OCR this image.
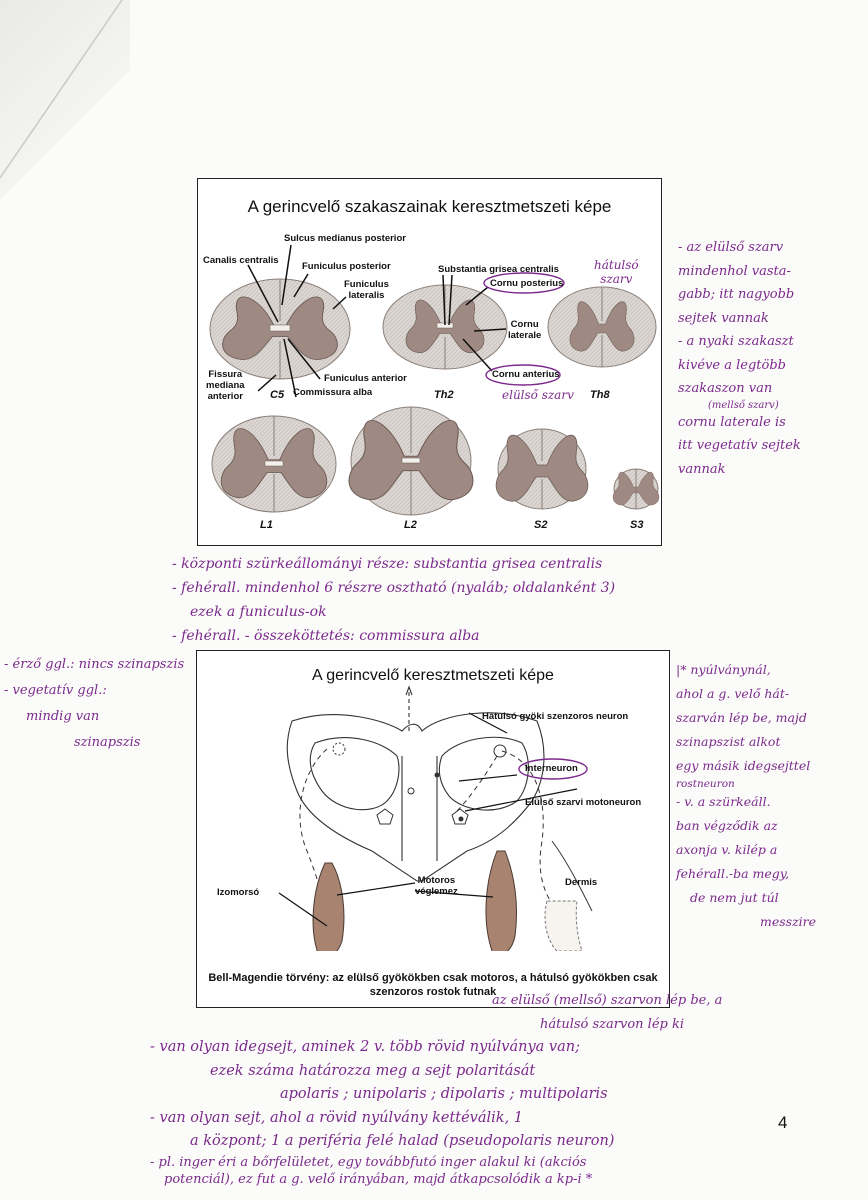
A gerincvelő szakaszainak keresztmetszeti képe
Sulcus medianus posterior
Canalis centralis
Funiculus posterior
Funiculus
lateralis
Fissura
mediana
anterior
Funiculus anterior
Commissura alba
Substantia grisea centralis
Cornu posterius
Cornu
laterale
Cornu anterius
C5	Th2	Th8
L1	L2	S2	S3
hátulsó
szarv
elülső szarv
- az elülső szarv
mindenhol vasta-
gabb; itt nagyobb
sejtek vannak
- a nyaki szakaszt
kivéve a legtöbb
szakaszon van
(mellső szarv)
cornu laterale is
itt vegetatív sejtek
vannak
- központi szürkeállományi része: substantia grisea centralis
- fehérall. mindenhol 6 részre osztható (nyaláb; oldalanként 3)
ezek a funiculus-ok
- fehérall. - összeköttetés: commissura alba
A gerincvelő keresztmetszeti képe
Hátulsó gyöki szenzoros neuron
Interneuron
Elülső szarvi motoneuron
Izomorsó
Motoros
véglemez
Dermis
Bell-Magendie törvény: az elülső gyökökben csak motoros, a hátulsó gyökökben csak
szenzoros rostok futnak
- érző ggl.: nincs szinapszis
- vegetatív ggl.:
mindig van
szinapszis
|* nyúlványnál,
ahol a g. velő hát-
szarván lép be, majd
szinapszist alkot
egy másik idegsejttel
rostneuron
- v. a szürkeáll.
ban végződik az
axonja v. kilép a
fehérall.-ba megy,
de nem jut túl
messzire
az elülső (mellső) szarvon lép be, a
hátulsó szarvon lép ki
- van olyan idegsejt, aminek 2 v. több rövid nyúlványa van;
ezek száma határozza meg a sejt polaritását
apolaris ; unipolaris ; dipolaris ; multipolaris
- van olyan sejt, ahol a rövid nyúlvány kettéválik, 1
a központ; 1 a periféria felé halad (pseudopolaris neuron)
- pl. inger éri a bőrfelületet, egy továbbfutó inger alakul ki (akciós
potenciál), ez fut a g. velő irányában, majd átkapcsolódik a kp-i *
4
